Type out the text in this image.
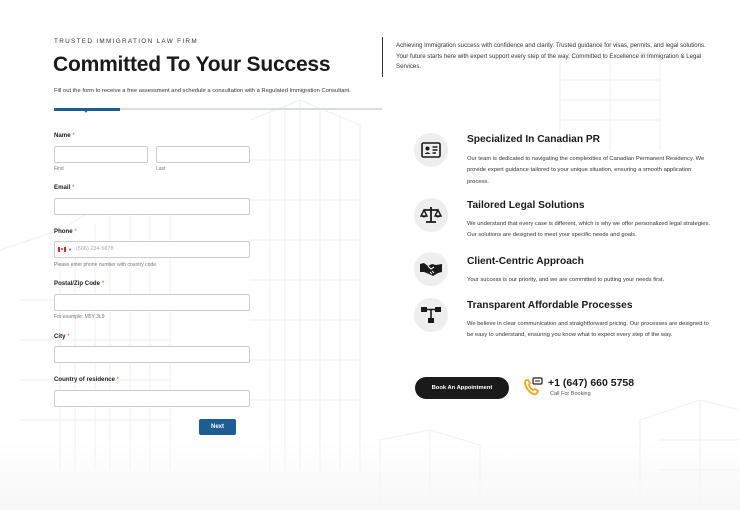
TRUSTED IMMIGRATION LAW FIRM
Committed To Your Success

Achieving Immigration success with confidence and clarity. Trusted guidance for visas, permits, and legal solutions. Your future starts here with expert support every step of the way. Committed to Excellence in Immigration & Legal Services.

Fill out the form to receive a free assessment and schedule a consultation with a Regulated Immigration Consultant.

Name *
First	Last
Email *
Phone *
▼ (506) 234-5678
Please enter phone number with country code.
Postal/Zip Code *
For example: M5Y 3L9
City *
Country of residence *
Next
Specialized In Canadian PR

Our team is dedicated to navigating the complexities of Canadian Permanent Residency. We provide expert guidance tailored to your unique situation, ensuring a smooth application process.

Tailored Legal Solutions

We understand that every case is different, which is why we offer personalized legal strategies. Our solutions are designed to meet your specific needs and goals.

Client-Centric Approach

Your success is our priority, and we are committed to putting your needs first.

Transparent Affordable Processes

We believe in clear communication and straightforward pricing. Our processes are designed to be easy to understand, ensuring you know what to expect every step of the way.

Book An Appointment	+1 (647) 660 5758
Call For Booking
